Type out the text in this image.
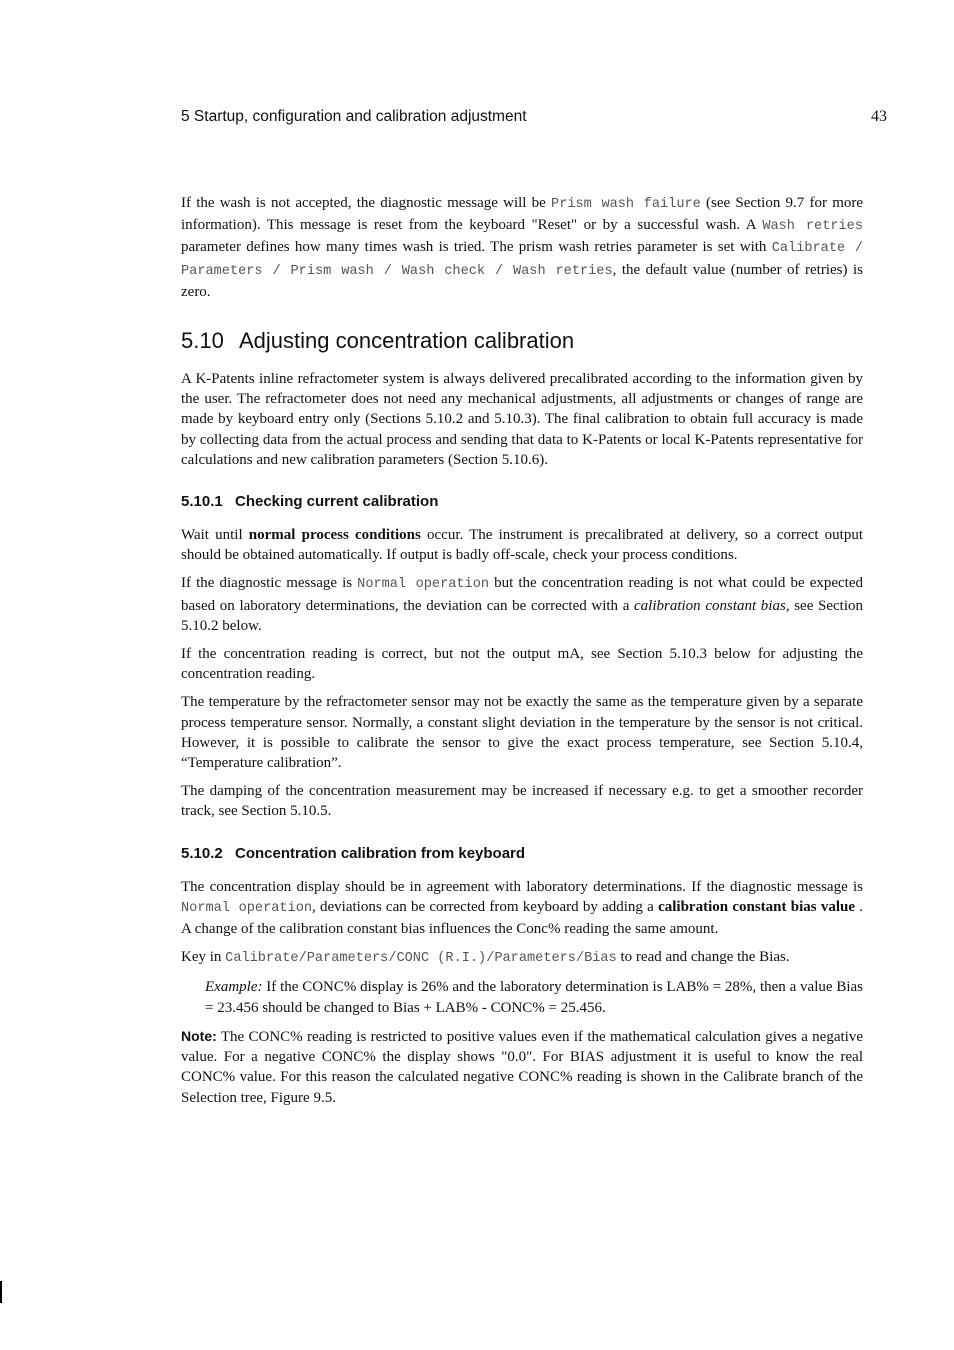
5 Startup, configuration and calibration adjustment	43

If the wash is not accepted, the diagnostic message will be Prism wash failure (see Section 9.7 for more information). This message is reset from the keyboard "Reset" or by a successful wash. A Wash retries parameter defines how many times wash is tried. The prism wash retries parameter is set with Calibrate / Parameters / Prism wash / Wash check / Wash retries, the default value (number of retries) is zero.

5.10 Adjusting concentration calibration

A K-Patents inline refractometer system is always delivered precalibrated according to the information given by the user. The refractometer does not need any mechanical adjustments, all adjustments or changes of range are made by keyboard entry only (Sections 5.10.2 and 5.10.3). The final calibration to obtain full accuracy is made by collecting data from the actual process and sending that data to K-Patents or local K-Patents representative for calculations and new calibration parameters (Section 5.10.6).

5.10.1 Checking current calibration

Wait until normal process conditions occur. The instrument is precalibrated at delivery, so a correct output should be obtained automatically. If output is badly off-scale, check your process conditions.

If the diagnostic message is Normal operation but the concentration reading is not what could be expected based on laboratory determinations, the deviation can be corrected with a calibration constant bias, see Section 5.10.2 below.

If the concentration reading is correct, but not the output mA, see Section 5.10.3 below for adjusting the concentration reading.

The temperature by the refractometer sensor may not be exactly the same as the temperature given by a separate process temperature sensor. Normally, a constant slight deviation in the temperature by the sensor is not critical. However, it is possible to calibrate the sensor to give the exact process temperature, see Section 5.10.4, “Temperature calibration”.

The damping of the concentration measurement may be increased if necessary e.g. to get a smoother recorder track, see Section 5.10.5.

5.10.2 Concentration calibration from keyboard

The concentration display should be in agreement with laboratory determinations. If the diagnostic message is Normal operation, deviations can be corrected from keyboard by adding a calibration constant bias value . A change of the calibration constant bias influences the Conc% reading the same amount.

Key in Calibrate/Parameters/CONC (R.I.)/Parameters/Bias to read and change the Bias.

Example: If the CONC% display is 26% and the laboratory determination is LAB% = 28%, then a value Bias = 23.456 should be changed to Bias + LAB% - CONC% = 25.456.

Note: The CONC% reading is restricted to positive values even if the mathematical calculation gives a negative value. For a negative CONC% the display shows "0.0". For BIAS adjustment it is useful to know the real CONC% value. For this reason the calculated negative CONC% reading is shown in the Calibrate branch of the Selection tree, Figure 9.5.
